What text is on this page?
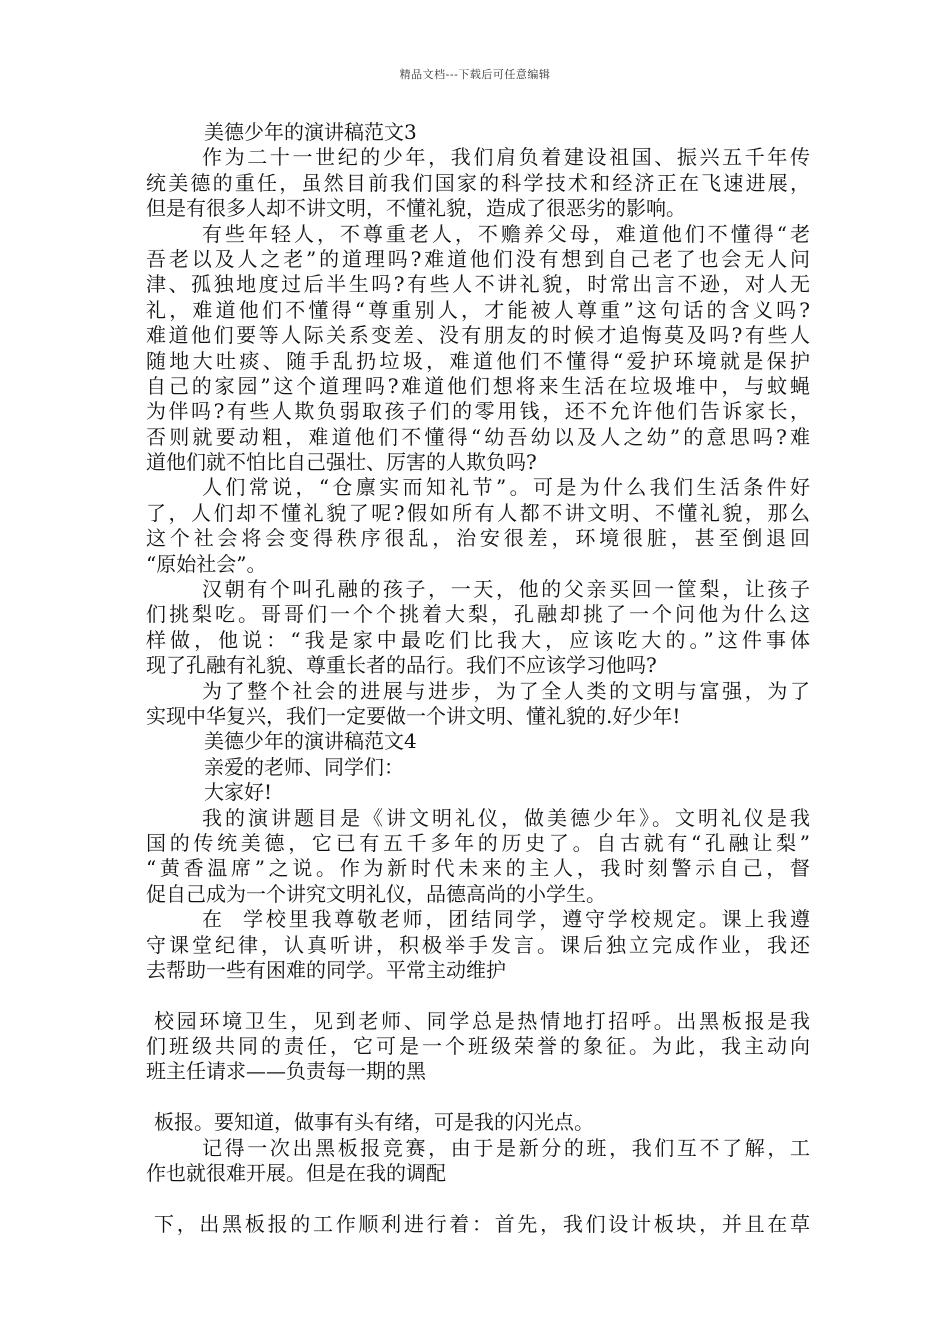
精品文档---下载后可任意编辑
美德少年的演讲稿范文3
作为二十一世纪的少年，我们肩负着建设祖国、振兴五千年传
统美德的重任，虽然目前我们国家的科学技术和经济正在飞速进展，
但是有很多人却不讲文明，不懂礼貌，造成了很恶劣的影响。
有些年轻人，不尊重老人，不赡养父母，难道他们不懂得“老
吾老以及人之老”的道理吗?难道他们没有想到自己老了也会无人问
津、孤独地度过后半生吗?有些人不讲礼貌，时常出言不逊，对人无
礼，难道他们不懂得“尊重别人，才能被人尊重”这句话的含义吗?
难道他们要等人际关系变差、没有朋友的时候才追悔莫及吗?有些人
随地大吐痰、随手乱扔垃圾，难道他们不懂得“爱护环境就是保护
自己的家园”这个道理吗?难道他们想将来生活在垃圾堆中，与蚊蝇
为伴吗?有些人欺负弱取孩子们的零用钱，还不允许他们告诉家长，
否则就要动粗，难道他们不懂得“幼吾幼以及人之幼”的意思吗?难
道他们就不怕比自己强壮、厉害的人欺负吗?
人们常说，“仓廪实而知礼节”。可是为什么我们生活条件好
了，人们却不懂礼貌了呢?假如所有人都不讲文明、不懂礼貌，那么
这个社会将会变得秩序很乱，治安很差，环境很脏，甚至倒退回
“原始社会”。
汉朝有个叫孔融的孩子，一天，他的父亲买回一筐梨，让孩子
们挑梨吃。哥哥们一个个挑着大梨，孔融却挑了一个问他为什么这
样做，他说：“我是家中最吃们比我大，应该吃大的。”这件事体
现了孔融有礼貌、尊重长者的品行。我们不应该学习他吗?
为了整个社会的进展与进步，为了全人类的文明与富强，为了
实现中华复兴，我们一定要做一个讲文明、懂礼貌的.好少年!
美德少年的演讲稿范文4
亲爱的老师、同学们：
大家好!
我的演讲题目是《讲文明礼仪，做美德少年》。文明礼仪是我
国的传统美德，它已有五千多年的历史了。自古就有“孔融让梨”
“黄香温席”之说。作为新时代未来的主人，我时刻警示自己，督
促自己成为一个讲究文明礼仪，品德高尚的小学生。
在  学校里我尊敬老师，团结同学，遵守学校规定。课上我遵
守课堂纪律，认真听讲，积极举手发言。课后独立完成作业，我还
去帮助一些有困难的同学。平常主动维护
校园环境卫生，见到老师、同学总是热情地打招呼。出黑板报是我
们班级共同的责任，它可是一个班级荣誉的象征。为此，我主动向
班主任请求——负责每一期的黑
板报。要知道，做事有头有绪，可是我的闪光点。
记得一次出黑板报竞赛，由于是新分的班，我们互不了解，工
作也就很难开展。但是在我的调配
下，出黑板报的工作顺利进行着：首先，我们设计板块，并且在草
